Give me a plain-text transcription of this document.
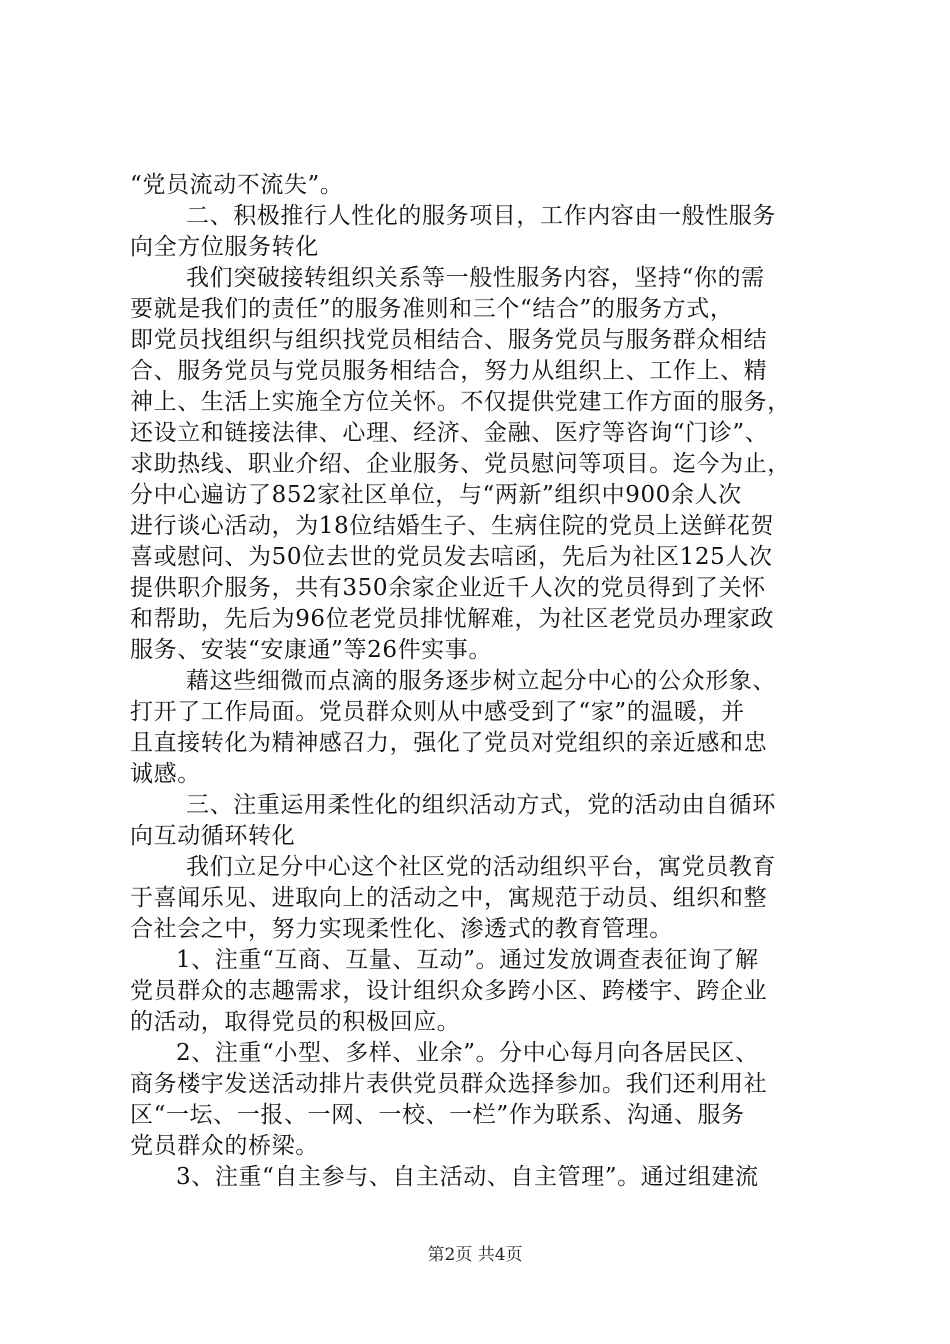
“党员流动不流失”。
二、积极推行人性化的服务项目，工作内容由一般性服务
向全方位服务转化
我们突破接转组织关系等一般性服务内容，坚持“你的需
要就是我们的责任”的服务准则和三个“结合”的服务方式，
即党员找组织与组织找党员相结合、服务党员与服务群众相结
合、服务党员与党员服务相结合，努力从组织上、工作上、精
神上、生活上实施全方位关怀。不仅提供党建工作方面的服务，
还设立和链接法律、心理、经济、金融、医疗等咨询“门诊”、
求助热线、职业介绍、企业服务、党员慰问等项目。迄今为止，
分中心遍访了852家社区单位，与“两新”组织中900余人次
进行谈心活动，为18位结婚生子、生病住院的党员上送鲜花贺
喜或慰问、为50位去世的党员发去唁函，先后为社区125人次
提供职介服务，共有350余家企业近千人次的党员得到了关怀
和帮助，先后为96位老党员排忧解难，为社区老党员办理家政
服务、安装“安康通”等26件实事。
藉这些细微而点滴的服务逐步树立起分中心的公众形象、
打开了工作局面。党员群众则从中感受到了“家”的温暖，并
且直接转化为精神感召力，强化了党员对党组织的亲近感和忠
诚感。
三、注重运用柔性化的组织活动方式，党的活动由自循环
向互动循环转化
我们立足分中心这个社区党的活动组织平台，寓党员教育
于喜闻乐见、进取向上的活动之中，寓规范于动员、组织和整
合社会之中，努力实现柔性化、渗透式的教育管理。
1、注重“互商、互量、互动”。通过发放调查表征询了解
党员群众的志趣需求，设计组织众多跨小区、跨楼宇、跨企业
的活动，取得党员的积极回应。
2、注重“小型、多样、业余”。分中心每月向各居民区、
商务楼宇发送活动排片表供党员群众选择参加。我们还利用社
区“一坛、一报、一网、一校、一栏”作为联系、沟通、服务
党员群众的桥梁。
3、注重“自主参与、自主活动、自主管理”。通过组建流
第2页 共4页
